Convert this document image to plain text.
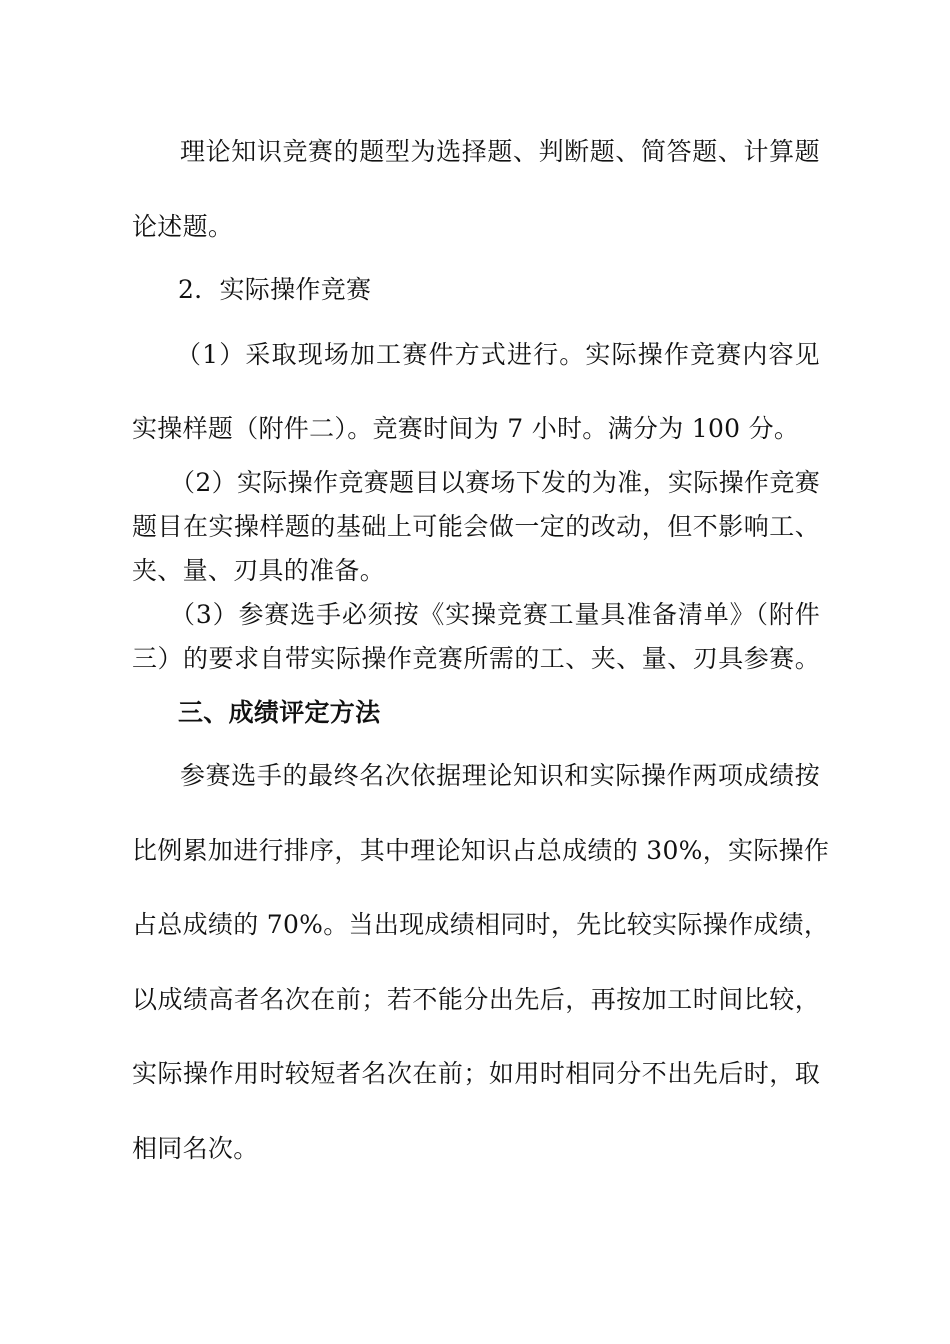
理论知识竞赛的题型为选择题、判断题、简答题、计算题
论述题。
2．实际操作竞赛
（1）采取现场加工赛件方式进行。实际操作竞赛内容见
实操样题（附件二）。竞赛时间为 7 小时。满分为 100 分。
（2）实际操作竞赛题目以赛场下发的为准，实际操作竞赛
题目在实操样题的基础上可能会做一定的改动，但不影响工、
夹、量、刃具的准备。
（3）参赛选手必须按《实操竞赛工量具准备清单》（附件
三）的要求自带实际操作竞赛所需的工、夹、量、刃具参赛。
三、成绩评定方法
参赛选手的最终名次依据理论知识和实际操作两项成绩按
比例累加进行排序，其中理论知识占总成绩的 30%，实际操作
占总成绩的 70%。当出现成绩相同时，先比较实际操作成绩，
以成绩高者名次在前；若不能分出先后，再按加工时间比较，
实际操作用时较短者名次在前；如用时相同分不出先后时，取
相同名次。
